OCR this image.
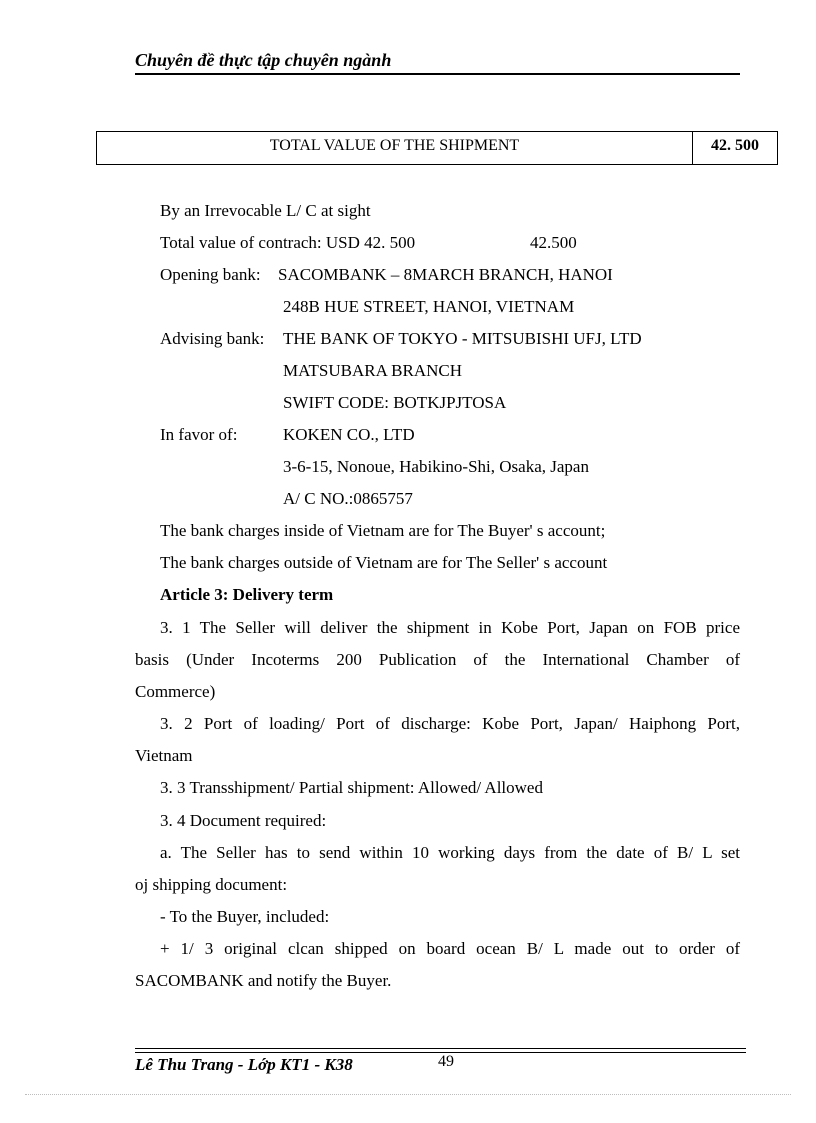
Chuyên đề thực tập chuyên ngành
TOTAL VALUE OF THE SHIPMENT	42. 500
By an Irrevocable L/ C at sight
Total value of contrach: USD 42. 500	42.500
Opening bank: SACOMBANK – 8MARCH BRANCH, HANOI
248B HUE STREET, HANOI, VIETNAM
Advising bank: THE BANK OF TOKYO - MITSUBISHI UFJ, LTD
MATSUBARA BRANCH
SWIFT CODE: BOTKJPJTOSA
In favor of:	KOKEN CO., LTD
3-6-15, Nonoue, Habikino-Shi, Osaka, Japan
A/ C NO.:0865757
The bank charges inside of Vietnam are for The Buyer' s account;
The bank charges outside of Vietnam are for The Seller' s account
Article 3: Delivery term
3. 1 The Seller will deliver the shipment in Kobe Port, Japan on FOB price
basis (Under Incoterms 200 Publication of the International Chamber of
Commerce)
3. 2 Port of loading/ Port of discharge: Kobe Port, Japan/ Haiphong Port,
Vietnam
3. 3 Transshipment/ Partial shipment: Allowed/ Allowed
3. 4 Document required:
a. The Seller has to send within 10 working days from the date of B/ L set
oj shipping document:
- To the Buyer, included:
+ 1/ 3 original clcan shipped on board ocean B/ L made out to order of
SACOMBANK and notify the Buyer.
Lê Thu Trang - Lớp KT1 - K38	49
